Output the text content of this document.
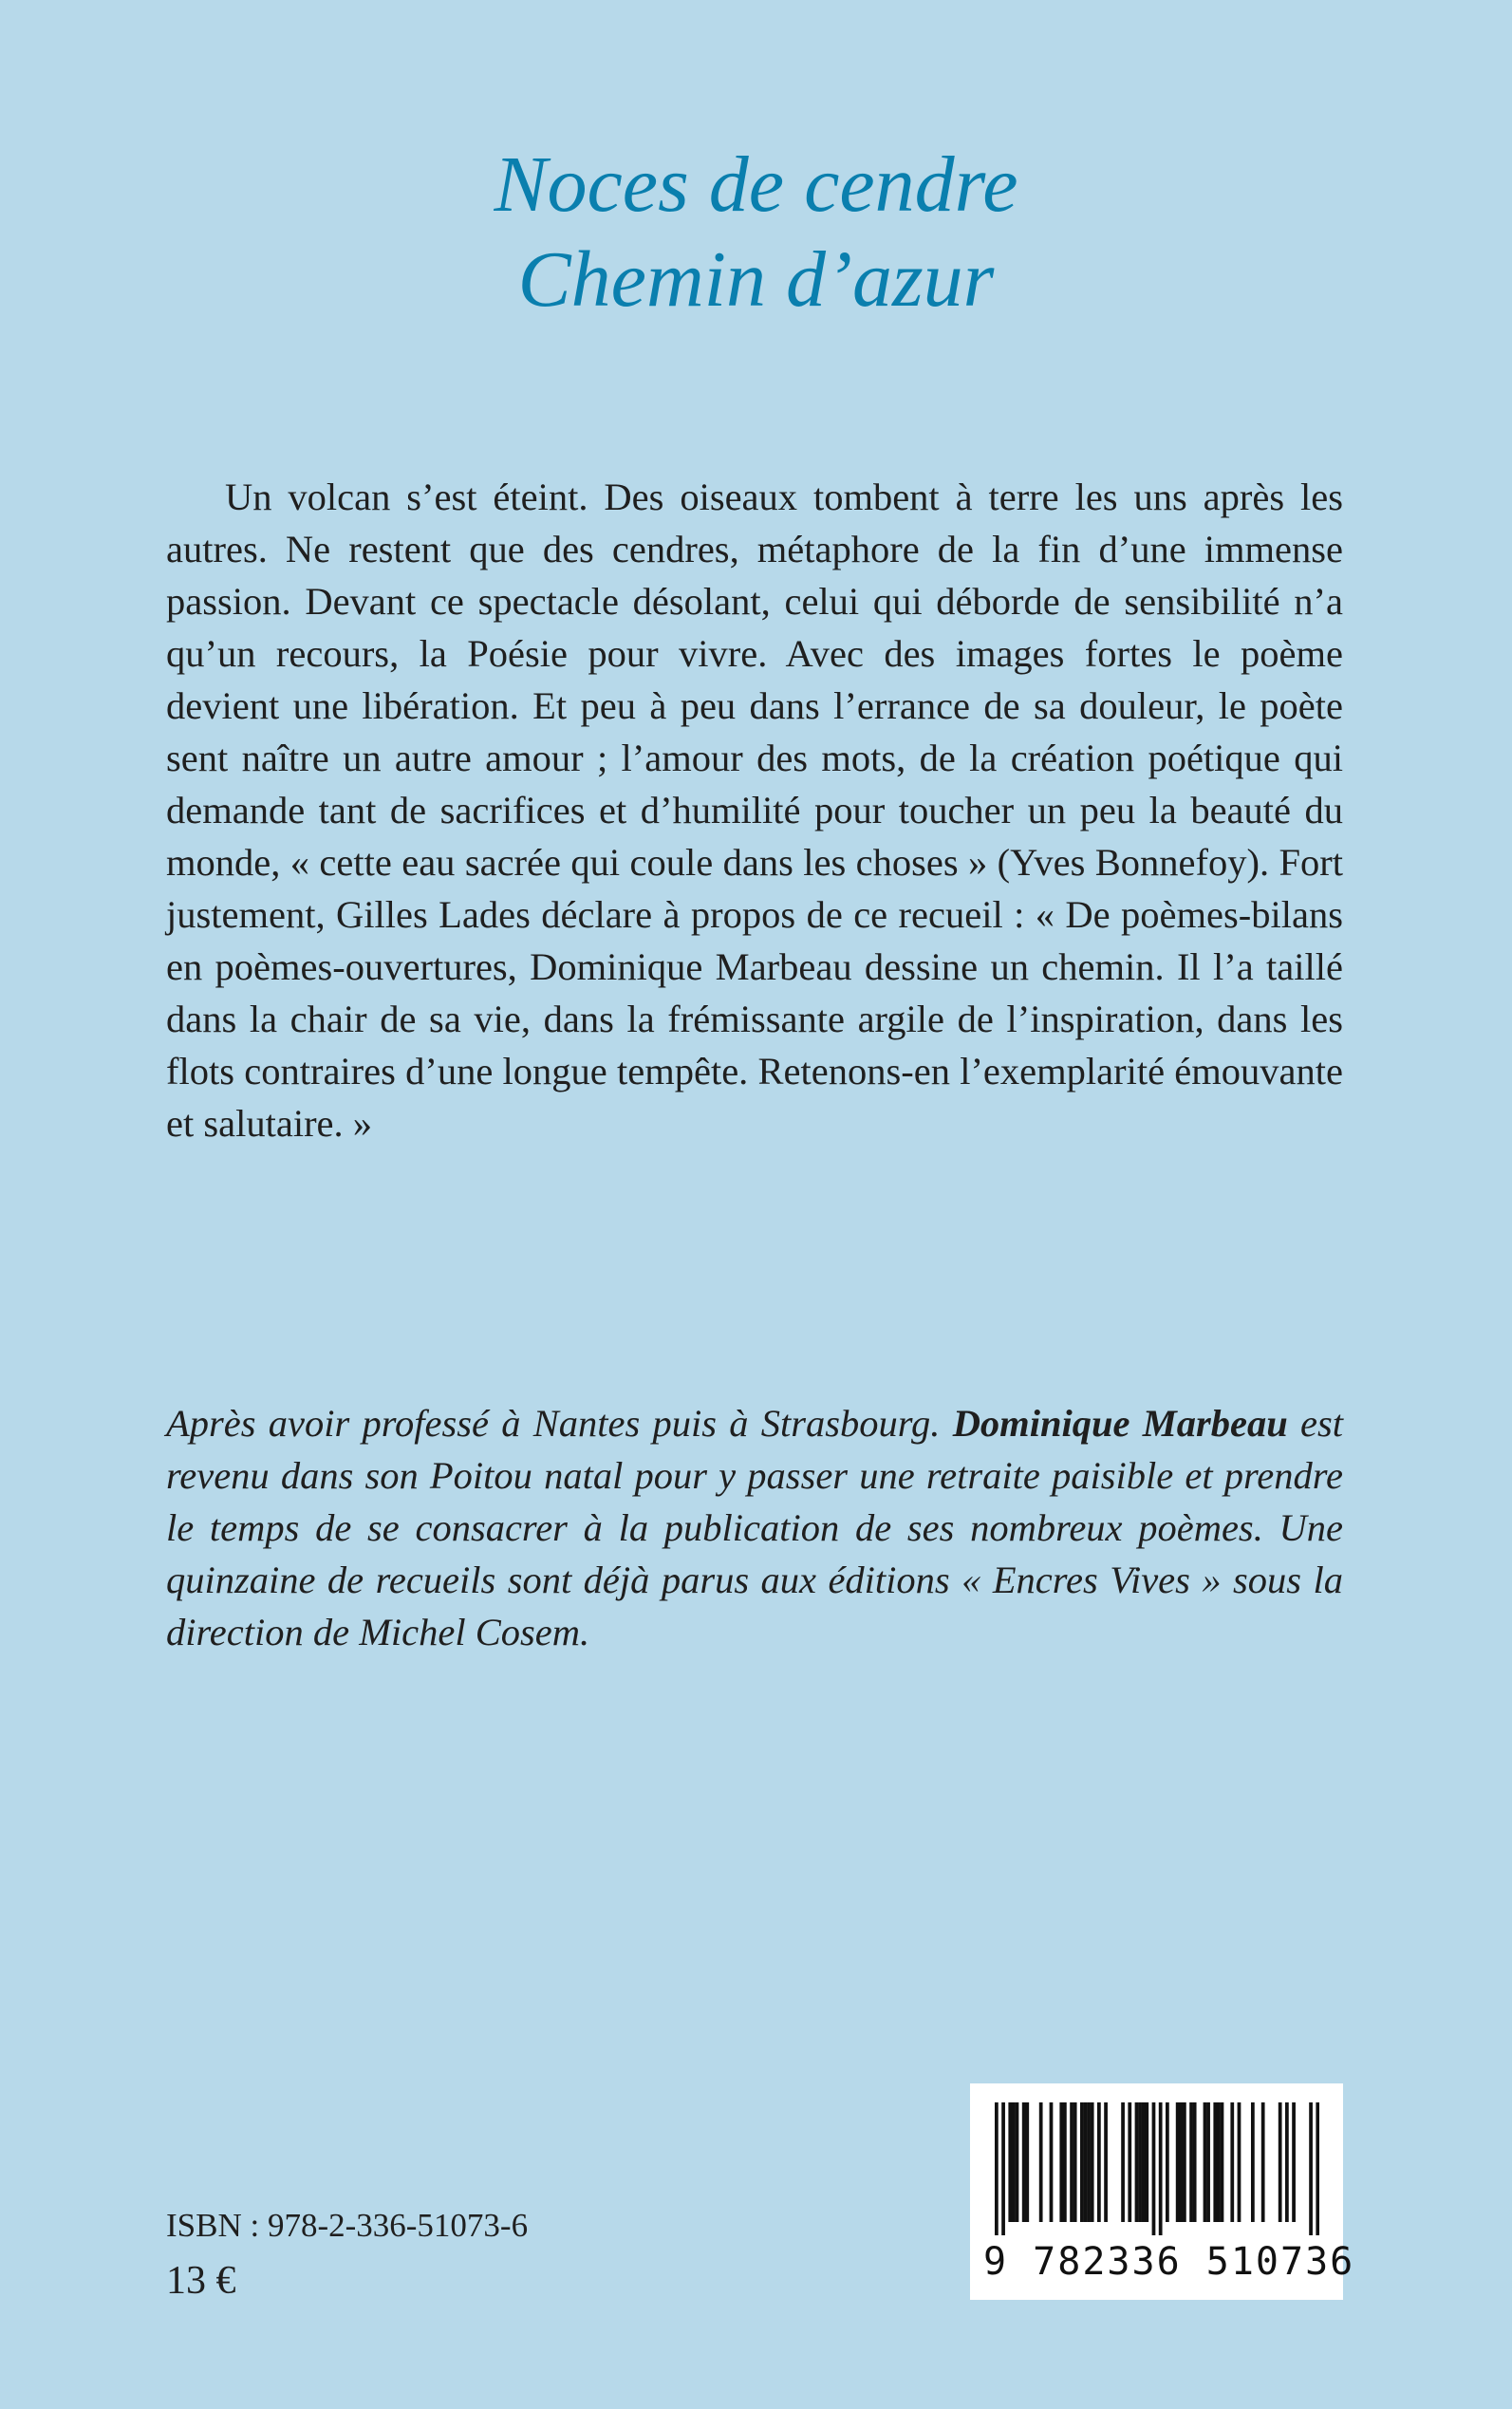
Noces de cendre
Chemin d’azur

Un volcan s’est éteint. Des oiseaux tombent à terre les uns après les autres. Ne restent que des cendres, métaphore de la fin d’une immense passion. Devant ce spectacle désolant, celui qui déborde de sensibilité n’a qu’un recours, la Poésie pour vivre. Avec des images fortes le poème devient une libération. Et peu à peu dans l’errance de sa douleur, le poète sent naître un autre amour ; l’amour des mots, de la création poétique qui demande tant de sacrifices et d’humilité pour toucher un peu la beauté du monde, « cette eau sacrée qui coule dans les choses » (Yves Bonnefoy). Fort justement, Gilles Lades déclare à propos de ce recueil : « De poèmes-bilans en poèmes-ouvertures, Dominique Marbeau dessine un chemin. Il l’a taillé dans la chair de sa vie, dans la frémissante argile de l’inspiration, dans les flots contraires d’une longue tempête. Retenons-en l’exemplarité émouvante et salutaire. »

Après avoir professé à Nantes puis à Strasbourg. Dominique Marbeau est revenu dans son Poitou natal pour y passer une retraite paisible et prendre le temps de se consacrer à la publication de ses nombreux poèmes. Une quinzaine de recueils sont déjà parus aux éditions « Encres Vives » sous la direction de Michel Cosem.

ISBN : 978-2-336-51073-6
13 €	9 782336 510736
